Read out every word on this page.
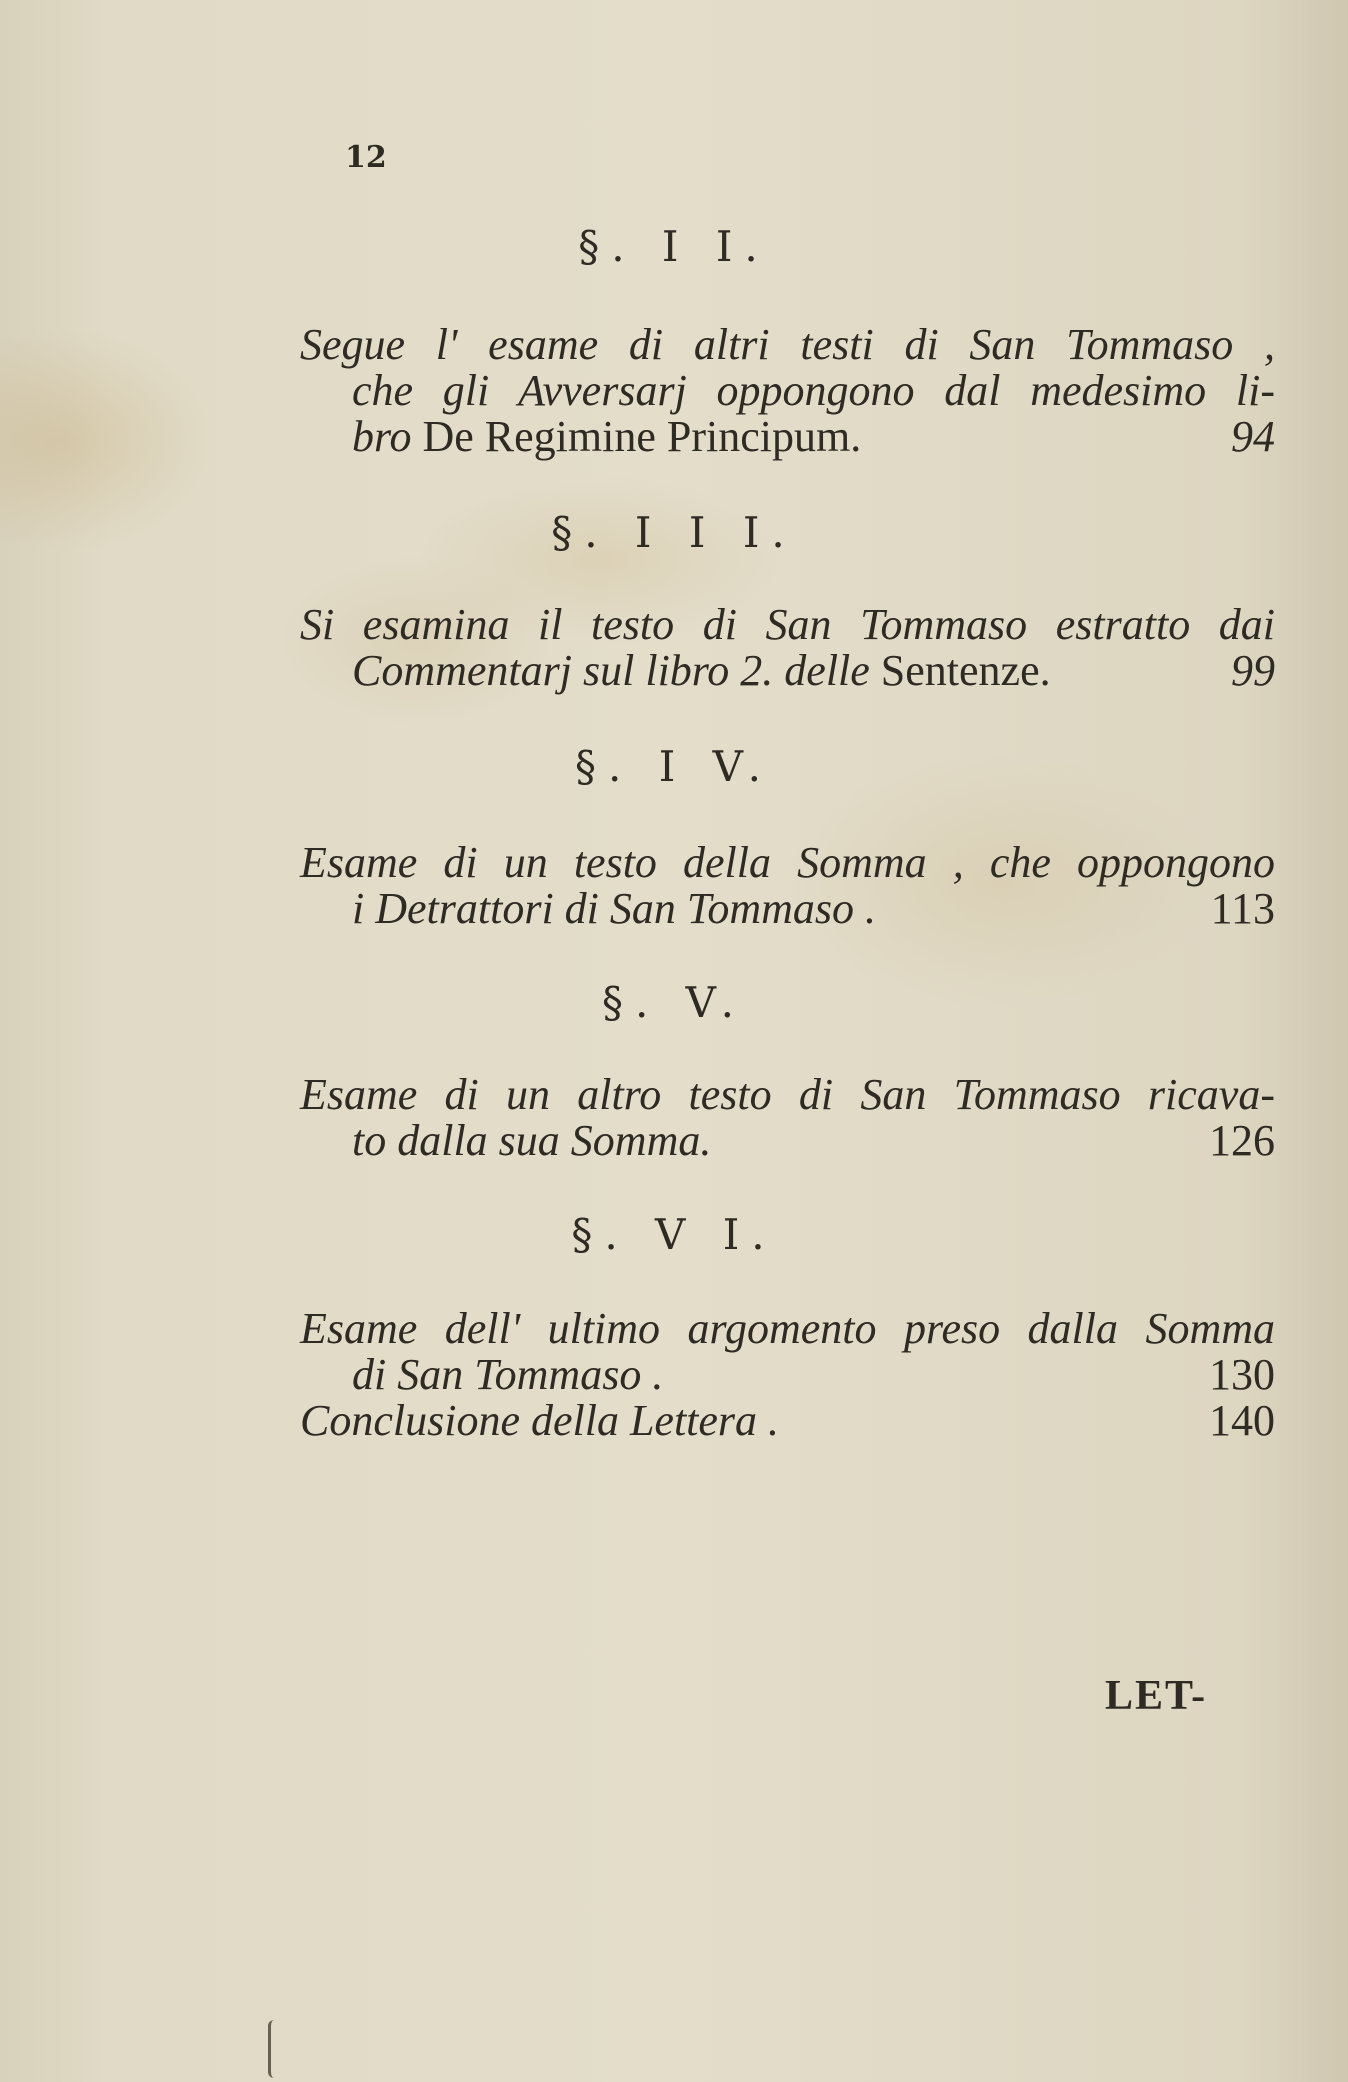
12
§. I I.
Segue l' esame di altri testi di San Tommaso ,
che gli Avversarj oppongono dal medesimo li-
bro De Regimine Principum.	94
§. I I I.
Si esamina il testo di San Tommaso estratto dai
Commentarj sul libro 2. delle Sentenze.	99
§. I V.
Esame di un testo della Somma , che oppongono
i Detrattori di San Tommaso .	113
§. V.
Esame di un altro testo di San Tommaso ricava-
to dalla sua Somma.	126
§. V I.
Esame dell' ultimo argomento preso dalla Somma
di San Tommaso .	130
Conclusione della Lettera .	140
LET-
